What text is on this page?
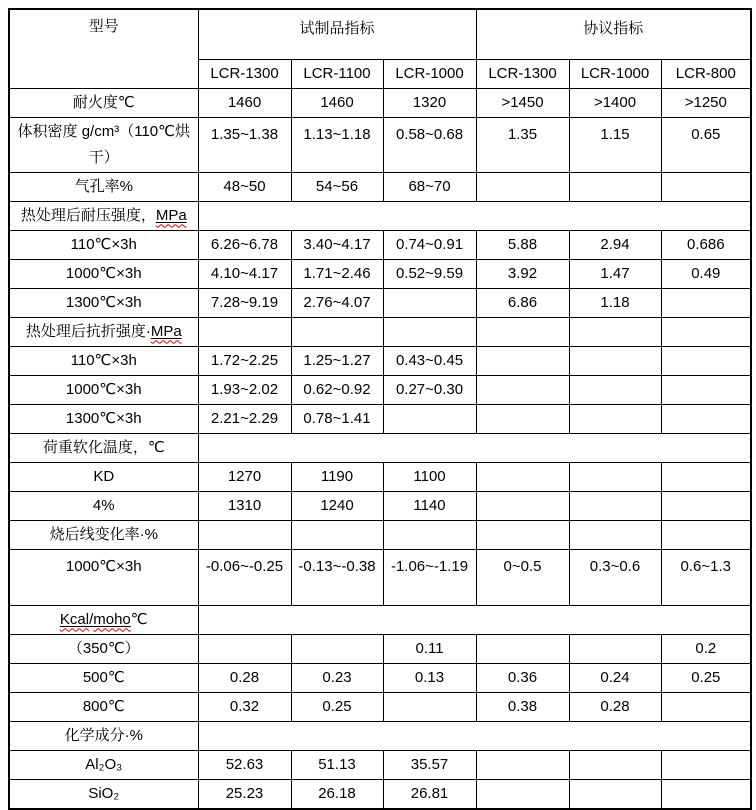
型号	试制品指标			协议指标		
	LCR-1300	LCR-1100	LCR-1000	LCR-1300	LCR-1000	LCR-800
耐火度℃	1460	1460	1320	>1450	>1400	>1250
体积密度 g/cm³（110℃烘干）	1.35~1.38	1.13~1.18	0.58~0.68	1.35	1.15	0.65
气孔率%	48~50	54~56	68~70			
热处理后耐压强度，MPa						
110℃×3h	6.26~6.78	3.40~4.17	0.74~0.91	5.88	2.94	0.686
1000℃×3h	4.10~4.17	1.71~2.46	0.52~9.59	3.92	1.47	0.49
1300℃×3h	7.28~9.19	2.76~4.07		6.86	1.18	
热处理后抗折强度·MPa						
110℃×3h	1.72~2.25	1.25~1.27	0.43~0.45			
1000℃×3h	1.93~2.02	0.62~0.92	0.27~0.30			
1300℃×3h	2.21~2.29	0.78~1.41				
荷重软化温度，℃						
KD	1270	1190	1100			
4%	1310	1240	1140			
烧后线变化率·%						
1000℃×3h	-0.06~-0.25	-0.13~-0.38	-1.06~-1.19	0~0.5	0.3~0.6	0.6~1.3
Kcal/moho℃						
（350℃）			0.11			0.2
500℃	0.28	0.23	0.13	0.36	0.24	0.25
800℃	0.32	0.25		0.38	0.28	
化学成分·%						
Al₂O₃	52.63	51.13	35.57			
SiO₂	25.23	26.18	26.81			
